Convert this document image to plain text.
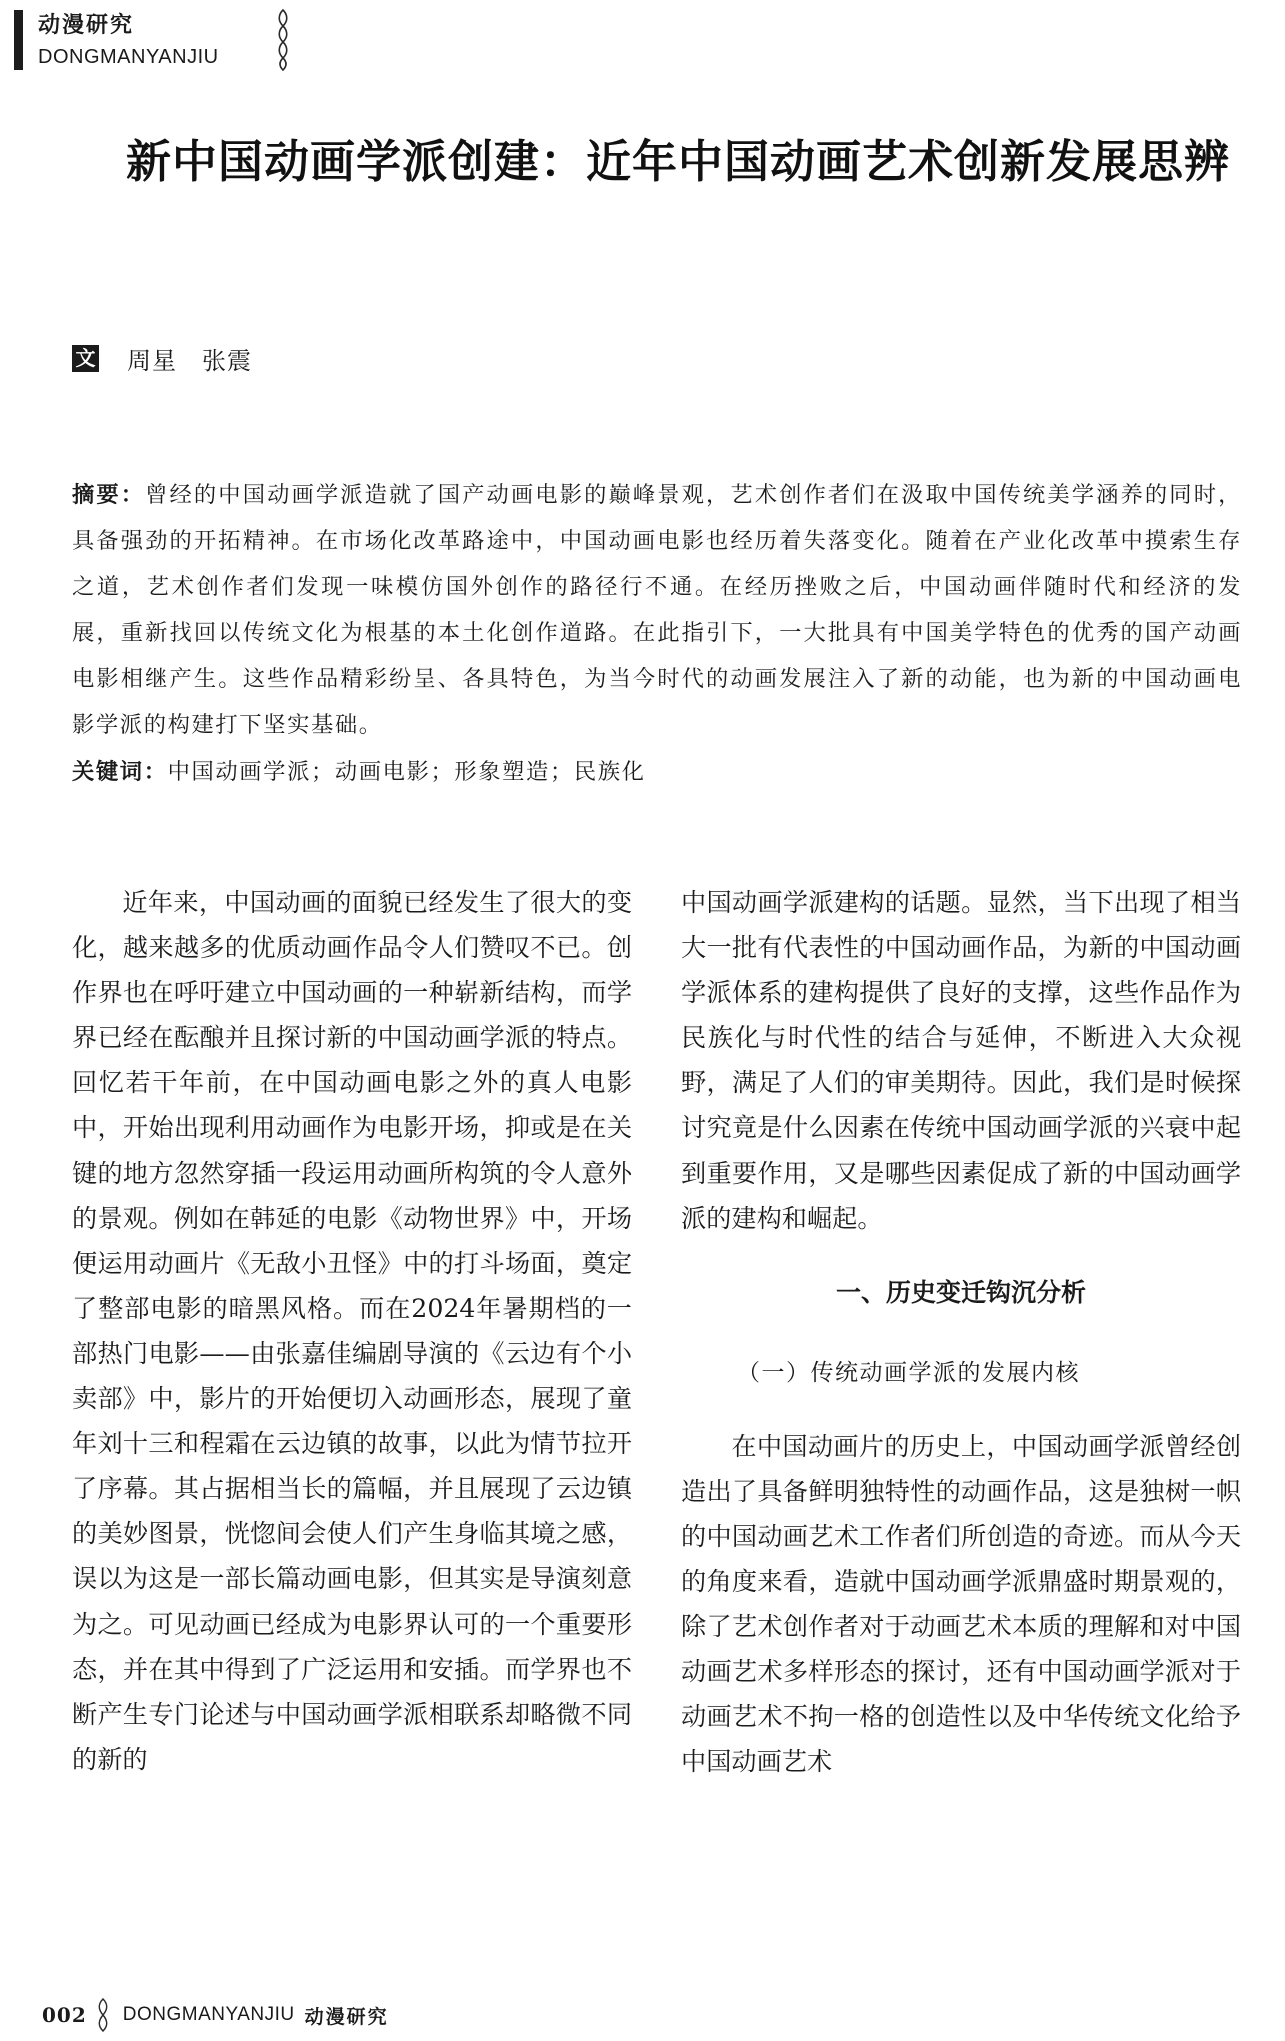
动漫研究
DONGMANYANJIU
新中国动画学派创建：近年中国动画艺术创新发展思辨
文 周星　张震

摘要：曾经的中国动画学派造就了国产动画电影的巅峰景观，艺术创作者们在汲取中国传统美学涵养的同时，具备强劲的开拓精神。在市场化改革路途中，中国动画电影也经历着失落变化。随着在产业化改革中摸索生存之道，艺术创作者们发现一味模仿国外创作的路径行不通。在经历挫败之后，中国动画伴随时代和经济的发展，重新找回以传统文化为根基的本土化创作道路。在此指引下，一大批具有中国美学特色的优秀的国产动画电影相继产生。这些作品精彩纷呈、各具特色，为当今时代的动画发展注入了新的动能，也为新的中国动画电影学派的构建打下坚实基础。

关键词：中国动画学派；动画电影；形象塑造；民族化

近年来，中国动画的面貌已经发生了很大的变化，越来越多的优质动画作品令人们赞叹不已。创作界也在呼吁建立中国动画的一种崭新结构，而学界已经在酝酿并且探讨新的中国动画学派的特点。回忆若干年前，在中国动画电影之外的真人电影中，开始出现利用动画作为电影开场，抑或是在关键的地方忽然穿插一段运用动画所构筑的令人意外的景观。例如在韩延的电影《动物世界》中，开场便运用动画片《无敌小丑怪》中的打斗场面，奠定了整部电影的暗黑风格。而在2024年暑期档的一部热门电影——由张嘉佳编剧导演的《云边有个小卖部》中，影片的开始便切入动画形态，展现了童年刘十三和程霜在云边镇的故事，以此为情节拉开了序幕。其占据相当长的篇幅，并且展现了云边镇的美妙图景，恍惚间会使人们产生身临其境之感，误以为这是一部长篇动画电影，但其实是导演刻意为之。可见动画已经成为电影界认可的一个重要形态，并在其中得到了广泛运用和安插。而学界也不断产生专门论述与中国动画学派相联系却略微不同的新的

中国动画学派建构的话题。显然，当下出现了相当大一批有代表性的中国动画作品，为新的中国动画学派体系的建构提供了良好的支撑，这些作品作为民族化与时代性的结合与延伸，不断进入大众视野，满足了人们的审美期待。因此，我们是时候探讨究竟是什么因素在传统中国动画学派的兴衰中起到重要作用，又是哪些因素促成了新的中国动画学派的建构和崛起。

一、历史变迁钩沉分析

（一）传统动画学派的发展内核

在中国动画片的历史上，中国动画学派曾经创造出了具备鲜明独特性的动画作品，这是独树一帜的中国动画艺术工作者们所创造的奇迹。而从今天的角度来看，造就中国动画学派鼎盛时期景观的，除了艺术创作者对于动画艺术本质的理解和对中国动画艺术多样形态的探讨，还有中国动画学派对于动画艺术不拘一格的创造性以及中华传统文化给予中国动画艺术

002 DONGMANYANJIU 动漫研究
